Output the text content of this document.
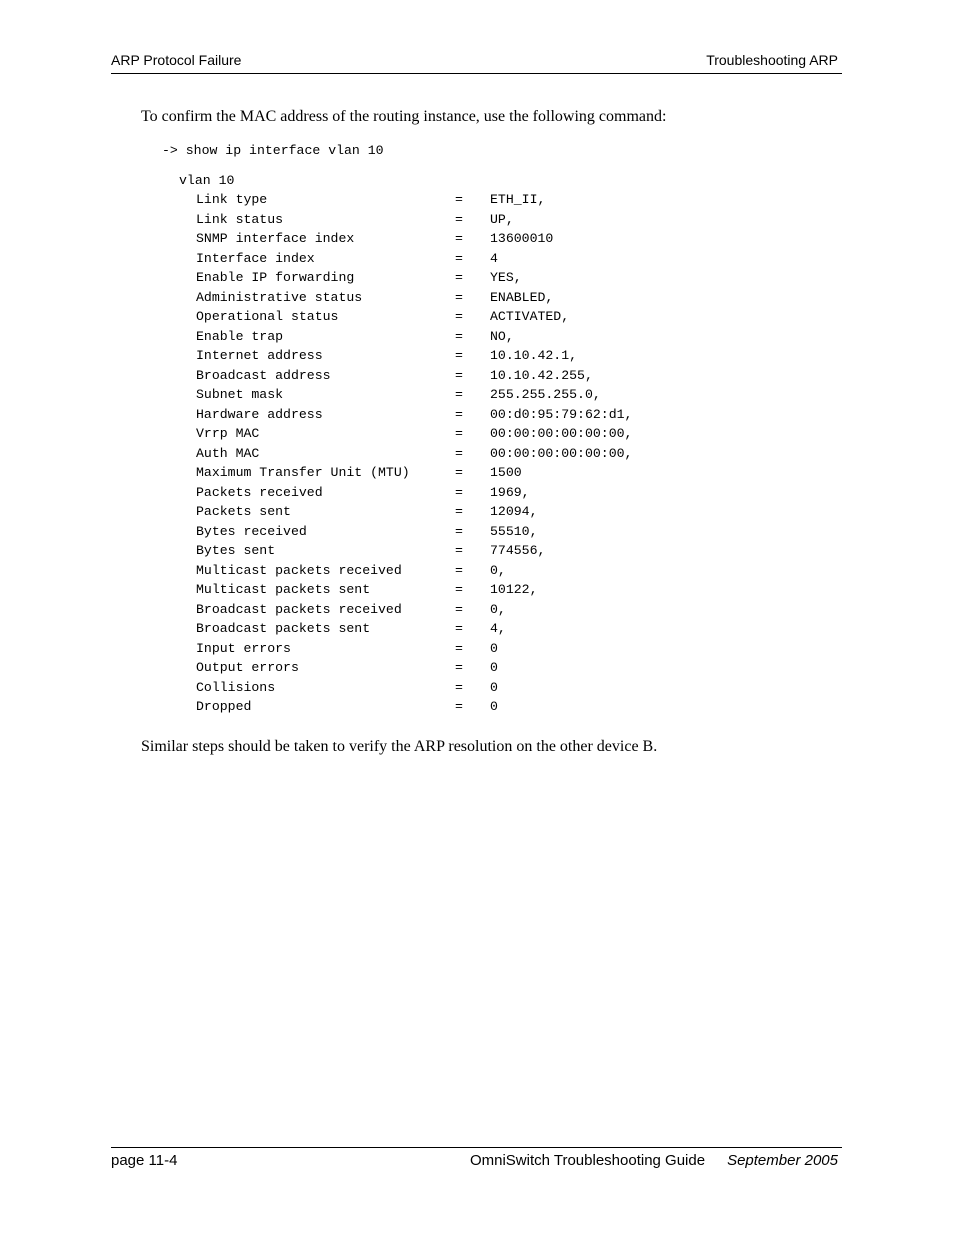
ARP Protocol Failure	Troubleshooting ARP
To confirm the MAC address of the routing instance, use the following command:
-> show ip interface vlan 10
vlan 10
Link type	= ETH_II,
Link status	= UP,
SNMP interface index	= 13600010
Interface index	= 4
Enable IP forwarding	= YES,
Administrative status	= ENABLED,
Operational status	= ACTIVATED,
Enable trap	= NO,
Internet address	= 10.10.42.1,
Broadcast address	= 10.10.42.255,
Subnet mask	= 255.255.255.0,
Hardware address	= 00:d0:95:79:62:d1,
Vrrp MAC	= 00:00:00:00:00:00,
Auth MAC	= 00:00:00:00:00:00,
Maximum Transfer Unit (MTU)	= 1500
Packets received	= 1969,
Packets sent	= 12094,
Bytes received	= 55510,
Bytes sent	= 774556,
Multicast packets received	= 0,
Multicast packets sent	= 10122,
Broadcast packets received	= 0,
Broadcast packets sent	= 4,
Input errors	= 0
Output errors	= 0
Collisions	= 0
Dropped	= 0
Similar steps should be taken to verify the ARP resolution on the other device B.
page 11-4	OmniSwitch Troubleshooting Guide September 2005
